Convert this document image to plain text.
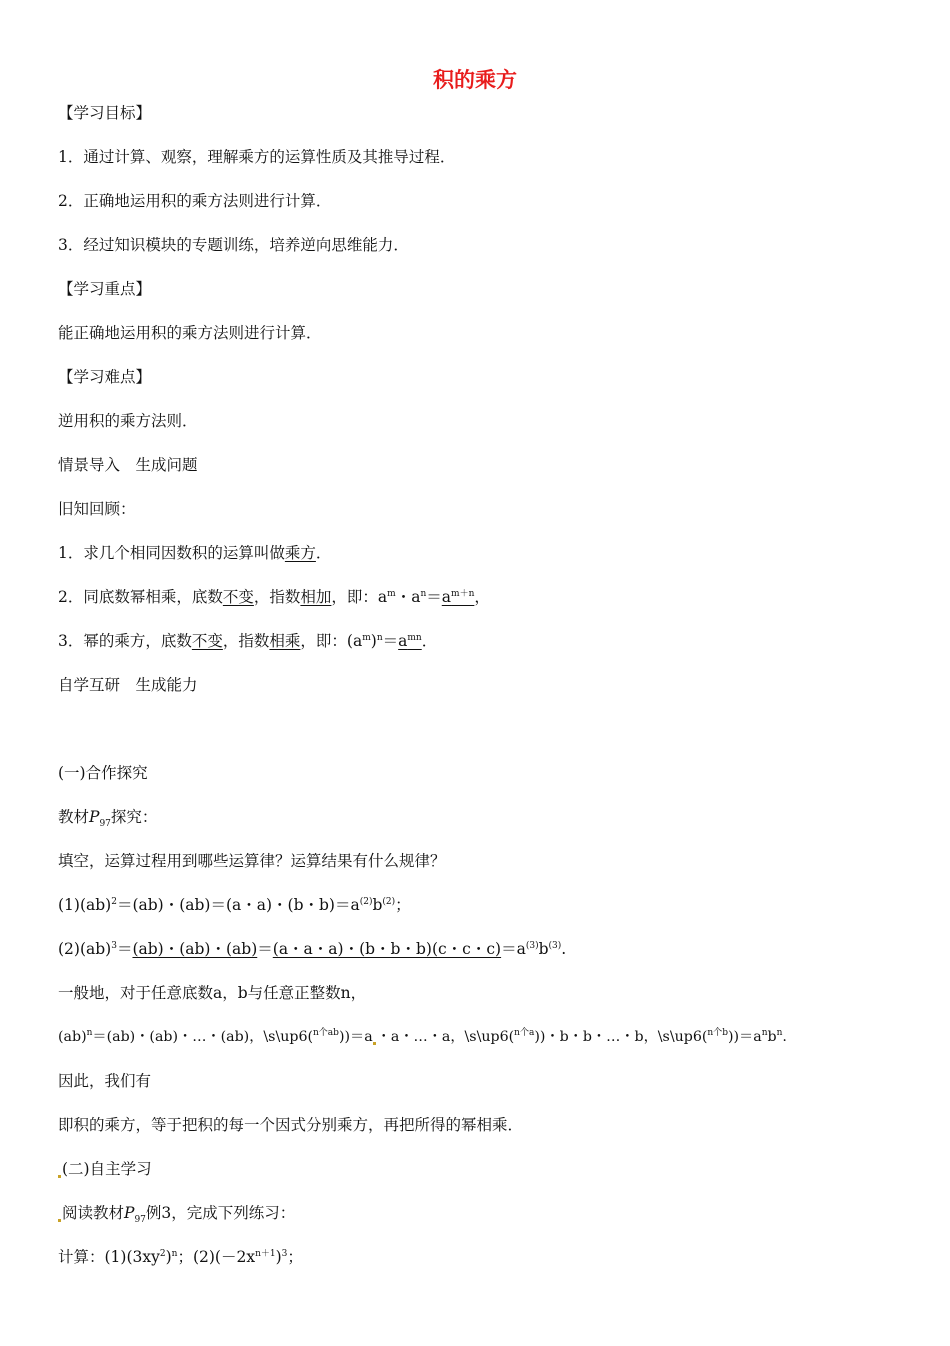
积的乘方
【学习目标】
1．通过计算、观察，理解乘方的运算性质及其推导过程．
2．正确地运用积的乘方法则进行计算．
3．经过知识模块的专题训练，培养逆向思维能力．
【学习重点】
能正确地运用积的乘方法则进行计算．
【学习难点】
逆用积的乘方法则．
情景导入　生成问题
旧知回顾：
1．求几个相同因数积的运算叫做乘方．
2．同底数幂相乘，底数不变，指数相加，即：$a^m$・$a^n=a^{m+n}$，
3．幂的乘方，底数不变，指数相乘，即：$(a^m)^n=a^{mn}$．
自学互研　生成能力
(一)合作探究
教材$P_{97}$探究：
填空，运算过程用到哪些运算律？运算结果有什么规律？
(1)(ab)$^2$＝(ab)・(ab)＝(a・a)・(b・$b)=a^{(2)}b^{(2)}$；
(2)(ab)$^3$＝(ab)・(ab)・(ab)＝(a・a・a)・(b・b・b)(c・c・$c)=a^{(3)}b^{(3)}$.
一般地，对于任意底数a，b与任意正整数n，
(ab)$^n$＝(ab)・(ab)・…・(ab)，\s\up6($^{n个ab}$))＝a ・a・…・a，\s\up6($^{n个a}$))・b・b・…・b，$\backslash s\backslash up6(^{n个b}))=a^nb^n$.
因此，我们有
即积的乘方，等于把积的每一个因式分别乘方，再把所得的幂相乘．
(二)自主学习
阅读教材$P_{97}$例3，完成下列练习：
计算：$(1)(3xy^2)^n$；$(2)(-2x^{n+1})^3$；
